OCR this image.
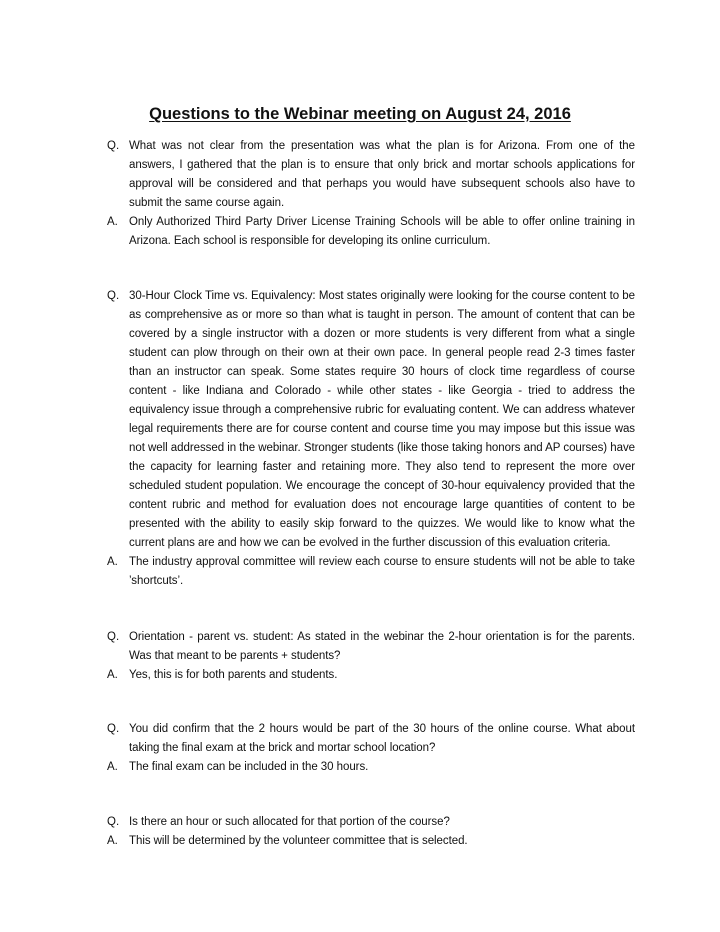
Questions to the Webinar meeting on August 24, 2016
Q. What was not clear from the presentation was what the plan is for Arizona. From one of the answers, I gathered that the plan is to ensure that only brick and mortar schools applications for approval will be considered and that perhaps you would have subsequent schools also have to submit the same course again.
A. Only Authorized Third Party Driver License Training Schools will be able to offer online training in Arizona. Each school is responsible for developing its online curriculum.
Q. 30-Hour Clock Time vs. Equivalency: Most states originally were looking for the course content to be as comprehensive as or more so than what is taught in person. The amount of content that can be covered by a single instructor with a dozen or more students is very different from what a single student can plow through on their own at their own pace. In general people read 2-3 times faster than an instructor can speak. Some states require 30 hours of clock time regardless of course content - like Indiana and Colorado - while other states - like Georgia - tried to address the equivalency issue through a comprehensive rubric for evaluating content. We can address whatever legal requirements there are for course content and course time you may impose but this issue was not well addressed in the webinar. Stronger students (like those taking honors and AP courses) have the capacity for learning faster and retaining more. They also tend to represent the more over scheduled student population. We encourage the concept of 30-hour equivalency provided that the content rubric and method for evaluation does not encourage large quantities of content to be presented with the ability to easily skip forward to the quizzes. We would like to know what the current plans are and how we can be evolved in the further discussion of this evaluation criteria.
A. The industry approval committee will review each course to ensure students will not be able to take ’shortcuts’.
Q. Orientation - parent vs. student: As stated in the webinar the 2-hour orientation is for the parents. Was that meant to be parents + students?
A. Yes, this is for both parents and students.
Q. You did confirm that the 2 hours would be part of the 30 hours of the online course. What about taking the final exam at the brick and mortar school location?
A. The final exam can be included in the 30 hours.
Q. Is there an hour or such allocated for that portion of the course?
A. This will be determined by the volunteer committee that is selected.
